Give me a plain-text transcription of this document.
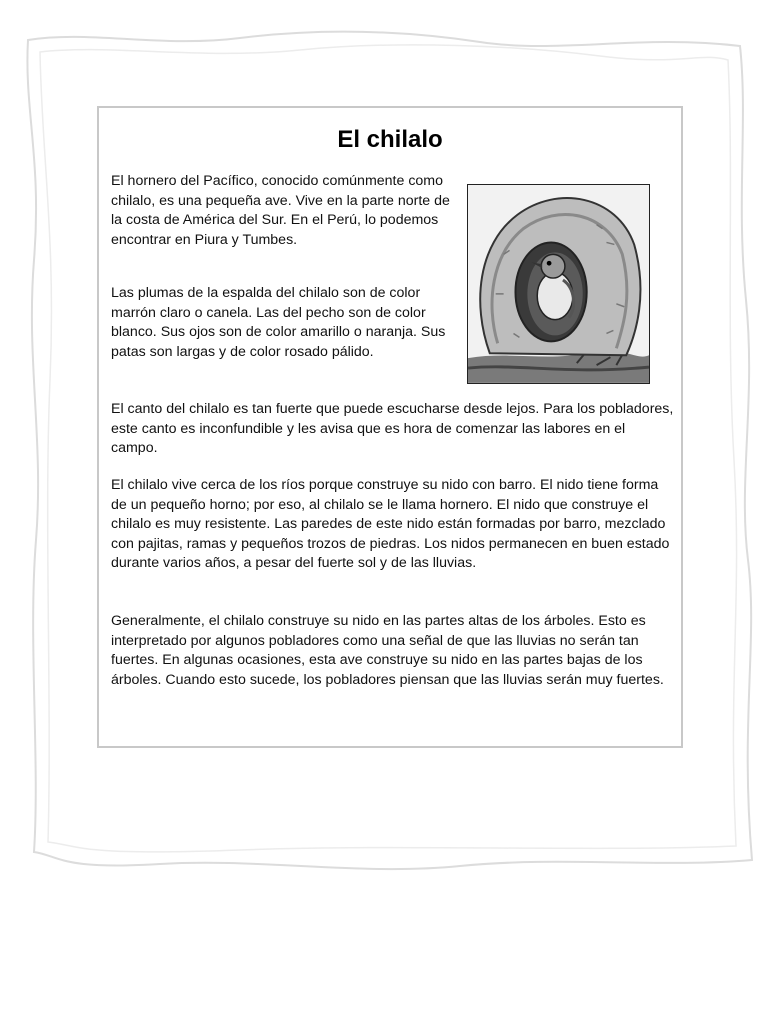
El chilalo

El hornero del Pacífico, conocido comúnmente como chilalo, es una pequeña ave. Vive en la parte norte de la costa de América del Sur. En el Perú, lo podemos encontrar en Piura y Tumbes.

Las plumas de la espalda del chilalo son de color marrón claro o canela. Las del pecho son de color blanco. Sus ojos son de color amarillo o naranja. Sus patas son largas y de color rosado pálido.

El canto del chilalo es tan fuerte que puede escucharse desde lejos. Para los pobladores, este canto es inconfundible y les avisa que es hora de comenzar las labores en el campo.

El chilalo vive cerca de los ríos porque construye su nido con barro. El nido tiene forma de un pequeño horno; por eso, al chilalo se le llama hornero. El nido que construye el chilalo es muy resistente. Las paredes de este nido están formadas por barro, mezclado con pajitas, ramas y pequeños trozos de piedras. Los nidos permanecen en buen estado durante varios años, a pesar del fuerte sol y de las lluvias.

Generalmente, el chilalo construye su nido en las partes altas de los árboles. Esto es interpretado por algunos pobladores como una señal de que las lluvias no serán tan fuertes. En algunas ocasiones, esta ave construye su nido en las partes bajas de los árboles. Cuando esto sucede, los pobladores piensan que las lluvias serán muy fuertes.
